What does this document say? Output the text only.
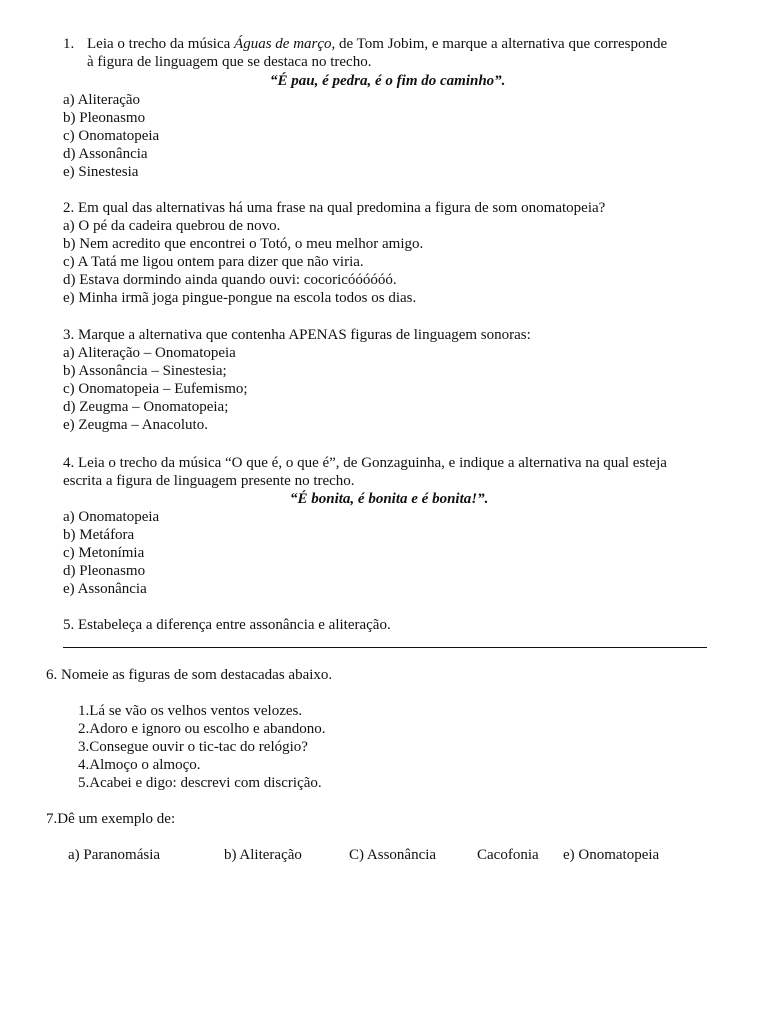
1. Leia o trecho da música Águas de março, de Tom Jobim, e marque a alternativa que corresponde
à figura de linguagem que se destaca no trecho.
“É pau, é pedra, é o fim do caminho”.
a) Aliteração
b) Pleonasmo
c) Onomatopeia
d) Assonância
e) Sinestesia
2. Em qual das alternativas há uma frase na qual predomina a figura de som onomatopeia?
a) O pé da cadeira quebrou de novo.
b) Nem acredito que encontrei o Totó, o meu melhor amigo.
c) A Tatá me ligou ontem para dizer que não viria.
d) Estava dormindo ainda quando ouvi: cocoricóóóóóó.
e) Minha irmã joga pingue-pongue na escola todos os dias.
3. Marque a alternativa que contenha APENAS figuras de linguagem sonoras:
a) Aliteração – Onomatopeia
b) Assonância – Sinestesia;
c) Onomatopeia – Eufemismo;
d) Zeugma – Onomatopeia;
e) Zeugma – Anacoluto.
4. Leia o trecho da música “O que é, o que é”, de Gonzaguinha, e indique a alternativa na qual esteja
escrita a figura de linguagem presente no trecho.
“É bonita, é bonita e é bonita!”.
a) Onomatopeia
b) Metáfora
c) Metonímia
d) Pleonasmo
e) Assonância
5. Estabeleça a diferença entre assonância e aliteração.
6. Nomeie as figuras de som destacadas abaixo.
1.Lá se vão os velhos ventos velozes.
2.Adoro e ignoro ou escolho e abandono.
3.Consegue ouvir o tic-tac do relógio?
4.Almoço o almoço.
5.Acabei e digo: descrevi com discrição.
7.Dê um exemplo de:
a) Paranomásia	b) Aliteração	C) Assonância	Cacofonia e) Onomatopeia
